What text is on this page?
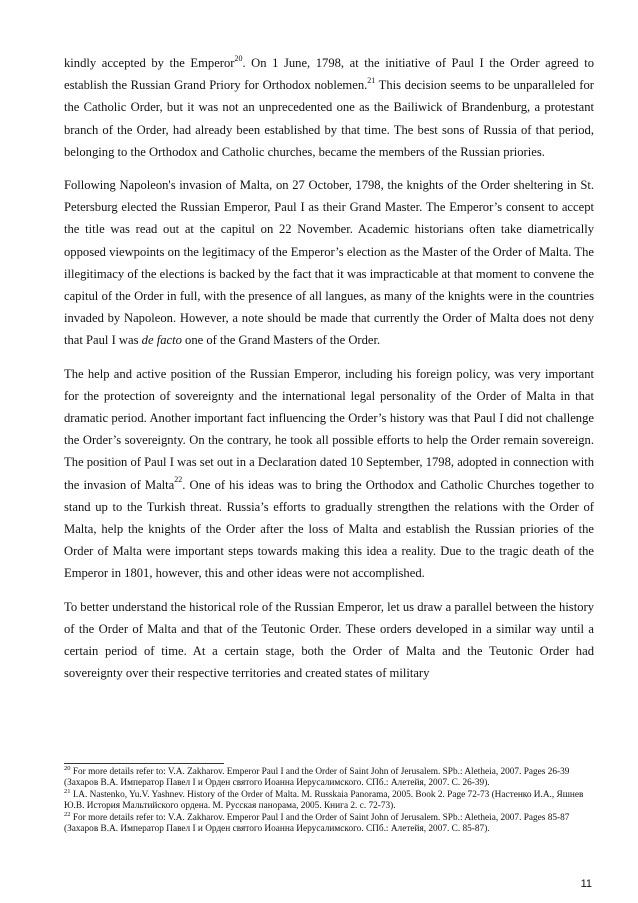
kindly accepted by the Emperor$^{20}$. On 1 June, 1798, at the initiative of Paul I the Order agreed to establish the Russian Grand Priory for Orthodox noblemen.$^{21}$ This decision seems to be unparalleled for the Catholic Order, but it was not an unprecedented one as the Bailiwick of Brandenburg, a protestant branch of the Order, had already been established by that time. The best sons of Russia of that period, belonging to the Orthodox and Catholic churches, became the members of the Russian priories.

Following Napoleon's invasion of Malta, on 27 October, 1798, the knights of the Order sheltering in St. Petersburg elected the Russian Emperor, Paul I as their Grand Master. The Emperor’s consent to accept the title was read out at the capitul on 22 November. Academic historians often take diametrically opposed viewpoints on the legitimacy of the Emperor’s election as the Master of the Order of Malta. The illegitimacy of the elections is backed by the fact that it was impracticable at that moment to convene the capitul of the Order in full, with the presence of all langues, as many of the knights were in the countries invaded by Napoleon. However, a note should be made that currently the Order of Malta does not deny that Paul I was de facto one of the Grand Masters of the Order.

The help and active position of the Russian Emperor, including his foreign policy, was very important for the protection of sovereignty and the international legal personality of the Order of Malta in that dramatic period. Another important fact influencing the Order’s history was that Paul I did not challenge the Order’s sovereignty. On the contrary, he took all possible efforts to help the Order remain sovereign. The position of Paul I was set out in a Declaration dated 10 September, 1798, adopted in connection with the invasion of Malta$^{22}$. One of his ideas was to bring the Orthodox and Catholic Churches together to stand up to the Turkish threat. Russia’s efforts to gradually strengthen the relations with the Order of Malta, help the knights of the Order after the loss of Malta and establish the Russian priories of the Order of Malta were important steps towards making this idea a reality. Due to the tragic death of the Emperor in 1801, however, this and other ideas were not accomplished.

To better understand the historical role of the Russian Emperor, let us draw a parallel between the history of the Order of Malta and that of the Teutonic Order. These orders developed in a similar way until a certain period of time. At a certain stage, both the Order of Malta and the Teutonic Order had sovereignty over their respective territories and created states of military

$^{20}$ For more details refer to: V.A. Zakharov. Emperor Paul I and the Order of Saint John of Jerusalem. SPb.: Aletheia, 2007. Pages 26-39 (Захаров В.А. Император Павел I и Орден святого Иоанна Иерусалимского. СПб.: Алетейя, 2007. С. 26-39).
$^{21}$ I.A. Nastenko, Yu.V. Yashnev. History of the Order of Malta. M. Russkaia Panorama, 2005. Book 2. Page 72-73 (Настенко И.А., Яшнев Ю.В. История Мальтийского ордена. М. Русская панорама, 2005. Книга 2. с. 72-73).
$^{22}$ For more details refer to: V.A. Zakharov. Emperor Paul I and the Order of Saint John of Jerusalem. SPb.: Aletheia, 2007. Pages 85-87 (Захаров В.А. Император Павел I и Орден святого Иоанна Иерусалимского. СПб.: Алетейя, 2007. С. 85-87).
11
